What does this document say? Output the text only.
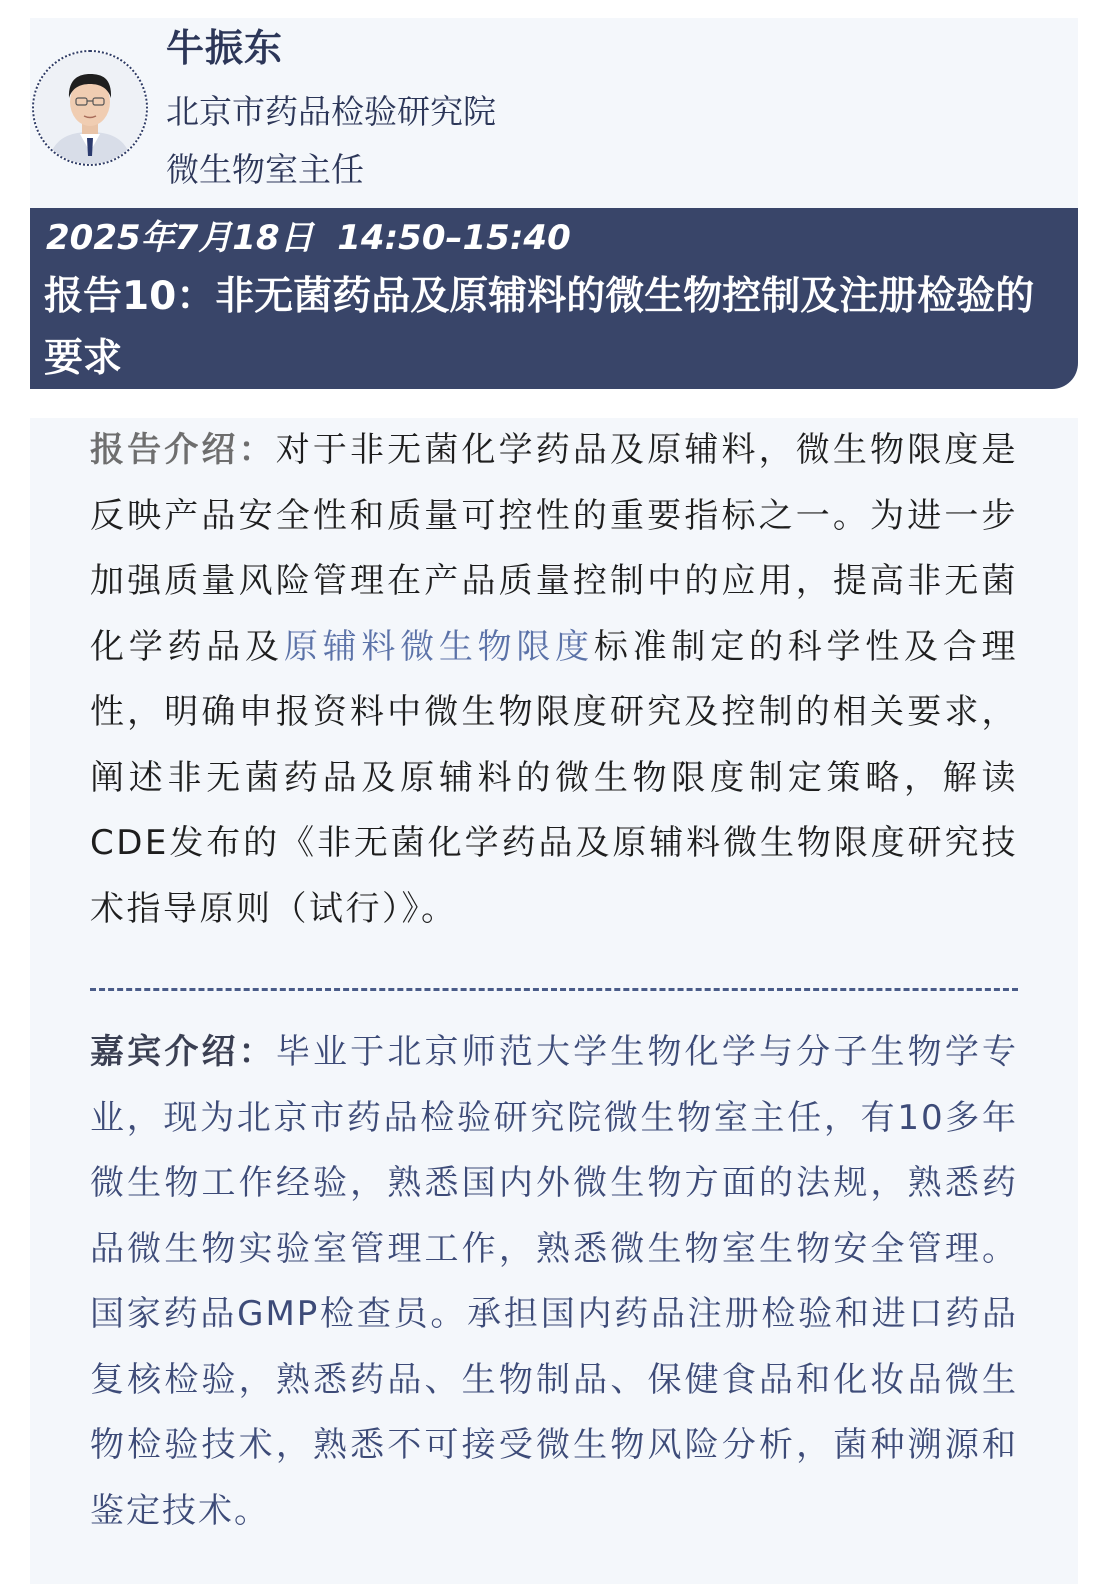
牛振东
北京市药品检验研究院
微生物室主任
2025年7月18日  14:50–15:40
报告10：非无菌药品及原辅料的微生物控制及注册检验的要求

报告介绍：对于非无菌化学药品及原辅料，微生物限度是反映产品安全性和质量可控性的重要指标之一。为进一步加强质量风险管理在产品质量控制中的应用，提高非无菌化学药品及原辅料微生物限度标准制定的科学性及合理性，明确申报资料中微生物限度研究及控制的相关要求， 阐述非无菌药品及原辅料的微生物限度制定策略，解读CDE发布的《非无菌化学药品及原辅料微生物限度研究技术指导原则（试行）》。

嘉宾介绍：毕业于北京师范大学生物化学与分子生物学专业，现为北京市药品检验研究院微生物室主任，有10多年微生物工作经验，熟悉国内外微生物方面的法规，熟悉药品微生物实验室管理工作，熟悉微生物室生物安全管理。国家药品GMP检查员。承担国内药品注册检验和进口药品复核检验，熟悉药品、生物制品、保健食品和化妆品微生物检验技术，熟悉不可接受微生物风险分析，菌种溯源和鉴定技术。
